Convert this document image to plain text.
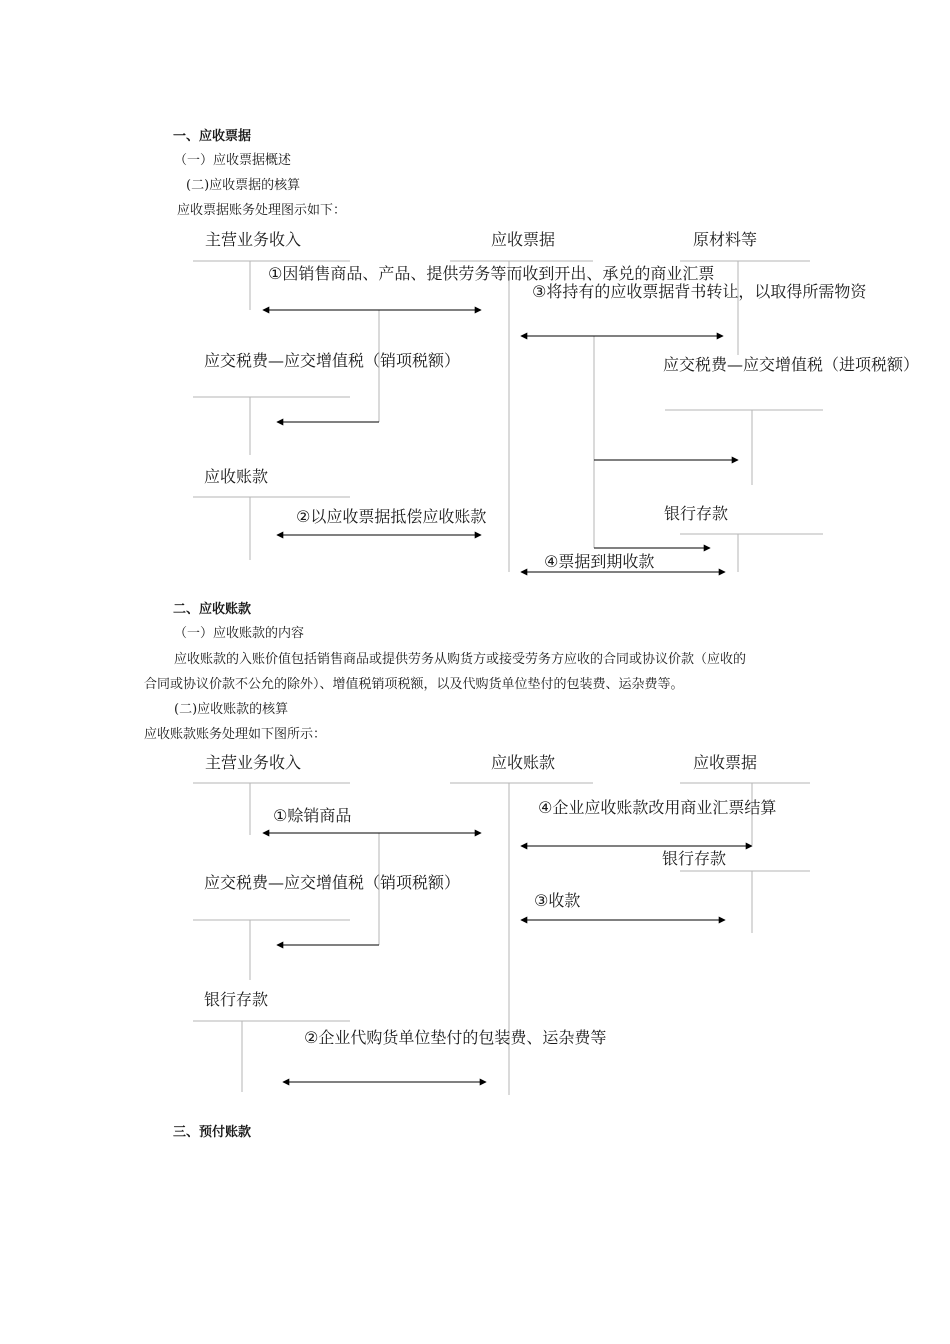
一、应收票据
（一）应收票据概述
(二)应收票据的核算
应收票据账务处理图示如下：
主营业务收入	应收票据	原材料等
①因销售商品、产品、提供劳务等而收到开出、承兑的商业汇票
③将持有的应收票据背书转让，以取得所需物资
应交税费—应交增值税（销项税额）	应交税费—应交增值税（进项税额）
应收账款
银行存款
②以应收票据抵偿应收账款
④票据到期收款
二、应收账款
（一）应收账款的内容
应收账款的入账价值包括销售商品或提供劳务从购货方或接受劳务方应收的合同或协议价款（应收的
合同或协议价款不公允的除外）、增值税销项税额，以及代购货单位垫付的包装费、运杂费等。
(二)应收账款的核算
应收账款账务处理如下图所示：
主营业务收入	应收账款	应收票据
④企业应收账款改用商业汇票结算
①赊销商品
银行存款
应交税费—应交增值税（销项税额）
③收款
银行存款
②企业代购货单位垫付的包装费、运杂费等
三、预付账款
